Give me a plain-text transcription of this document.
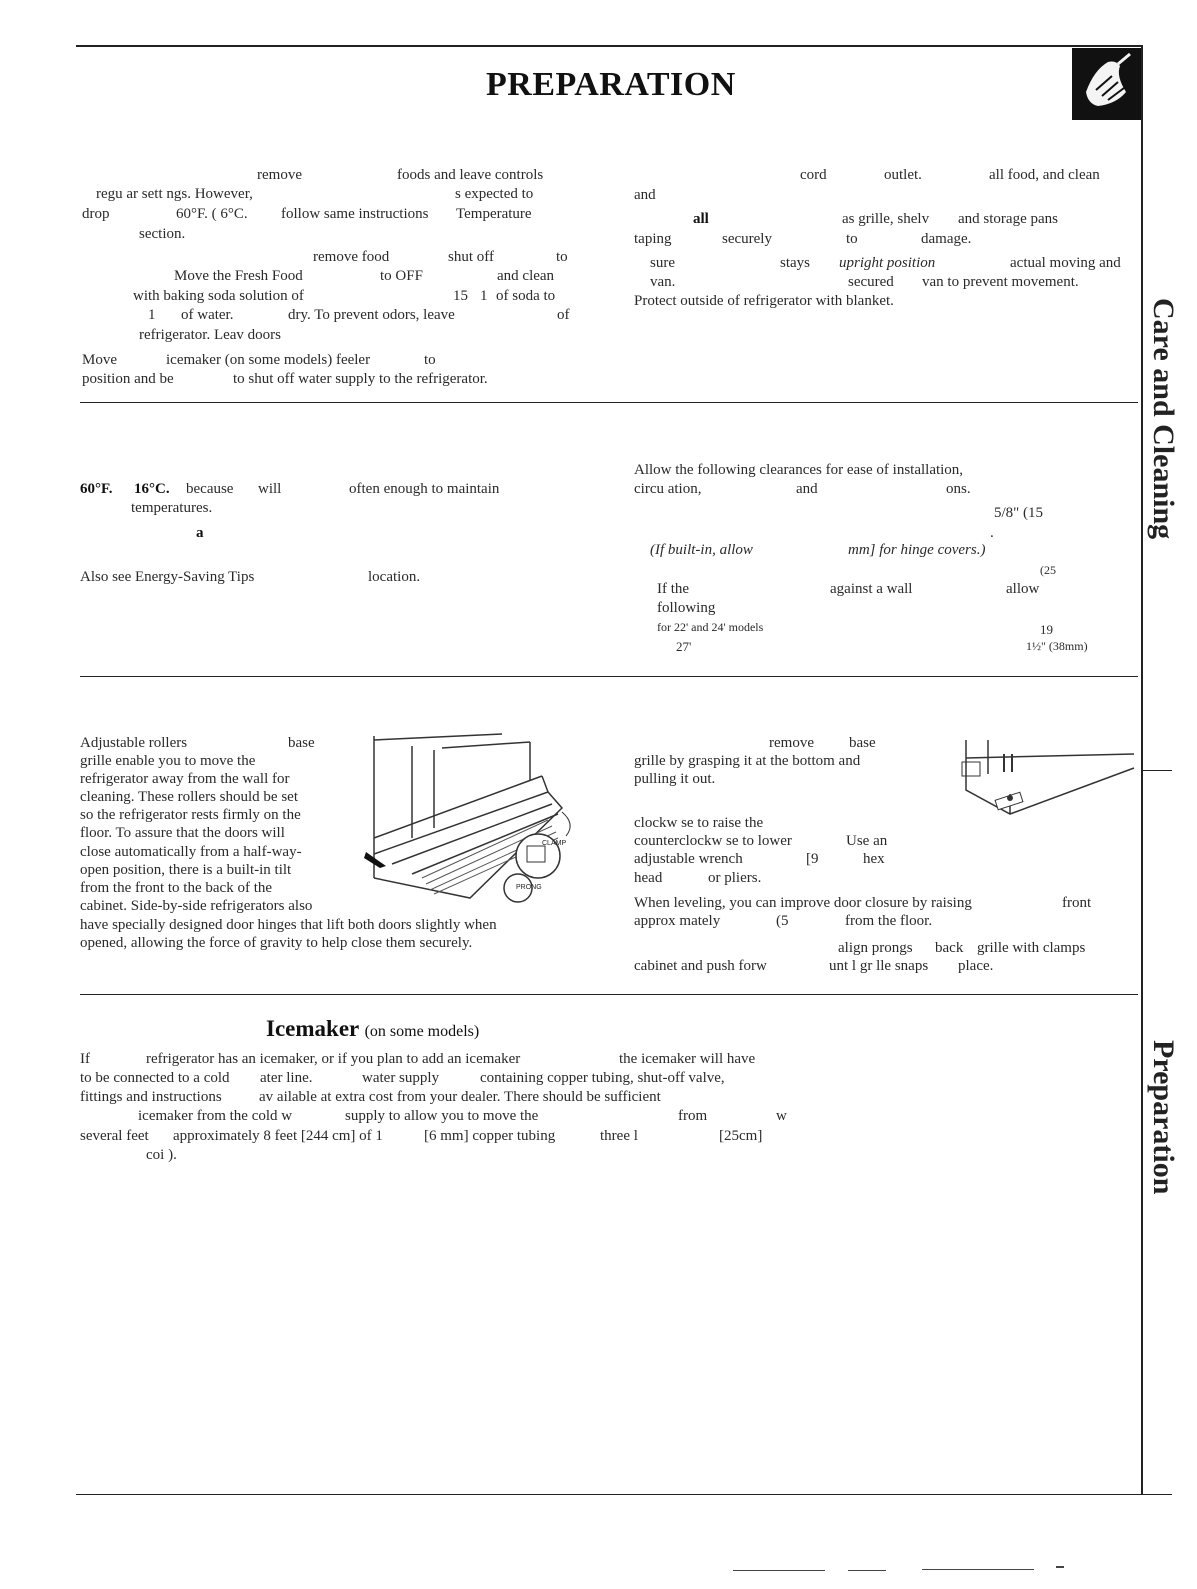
PREPARATION
Care and Cleaning
Preparation
remove	foods and leave controls
regu ar sett ngs. However,	s expected to
drop	60°F. ( 6°C. follow same instructions Temperature
section.
remove food	shut off	to
Move the Fresh Food	to OFF	and clean
with baking soda solution of	15 1 of soda to
1 of water.	dry. To prevent odors, leave	of
refrigerator. Leav doors
Move	icemaker (on some models) feeler	to
position and be	to shut off water supply to the refrigerator.
cord	outlet.	all food, and clean
and
all	as grille, shelv and storage pans
taping	securely	to	damage.
sure	stays upright position	actual moving and
van.	secured van to prevent movement.
Protect outside of refrigerator with blanket.
60°F. 16°C. because will	often enough to maintain
temperatures.
a
Also see Energy-Saving Tips	location.
Allow the following clearances for ease of installation,
circu ation,	and	ons.
5/8" (15
.
(If built-in, allow	mm] for hinge covers.)
(25
If the	against a wall	allow
following
for 22' and 24' models	19
27'	1½" (38mm)
Adjustable rollers	base
grille enable you to move the
refrigerator away from the wall for
cleaning. These rollers should be set
so the refrigerator rests firmly on the
floor. To assure that the doors will
close automatically from a half-way-
open position, there is a built-in tilt
from the front to the back of the
cabinet. Side-by-side refrigerators also
have specially designed door hinges that lift both doors slightly when
opened, allowing the force of gravity to help close them securely.
CLAMP
PRONG
remove base
grille by grasping it at the bottom and
pulling it out.
clockw se to raise the
counterclockw se to lower	Use an
adjustable wrench	[9	hex
head	or pliers.
When leveling, you can improve door closure by raising	front
approx mately	(5	from the floor.
align prongs back grille with clamps
cabinet and push forw	unt l gr lle snaps place.
Icemaker (on some models)
If	refrigerator has an icemaker, or if you plan to add an icemaker	the icemaker will have
to be connected to a cold ater line.	water supply	containing copper tubing, shut-off valve,
fittings and instructions av ailable at extra cost from your dealer. There should be sufficient
icemaker from the cold w	supply to allow you to move the	from	w
several feet approximately 8 feet [244 cm] of 1	[6 mm] copper tubing	three l	[25cm]
coi ).
